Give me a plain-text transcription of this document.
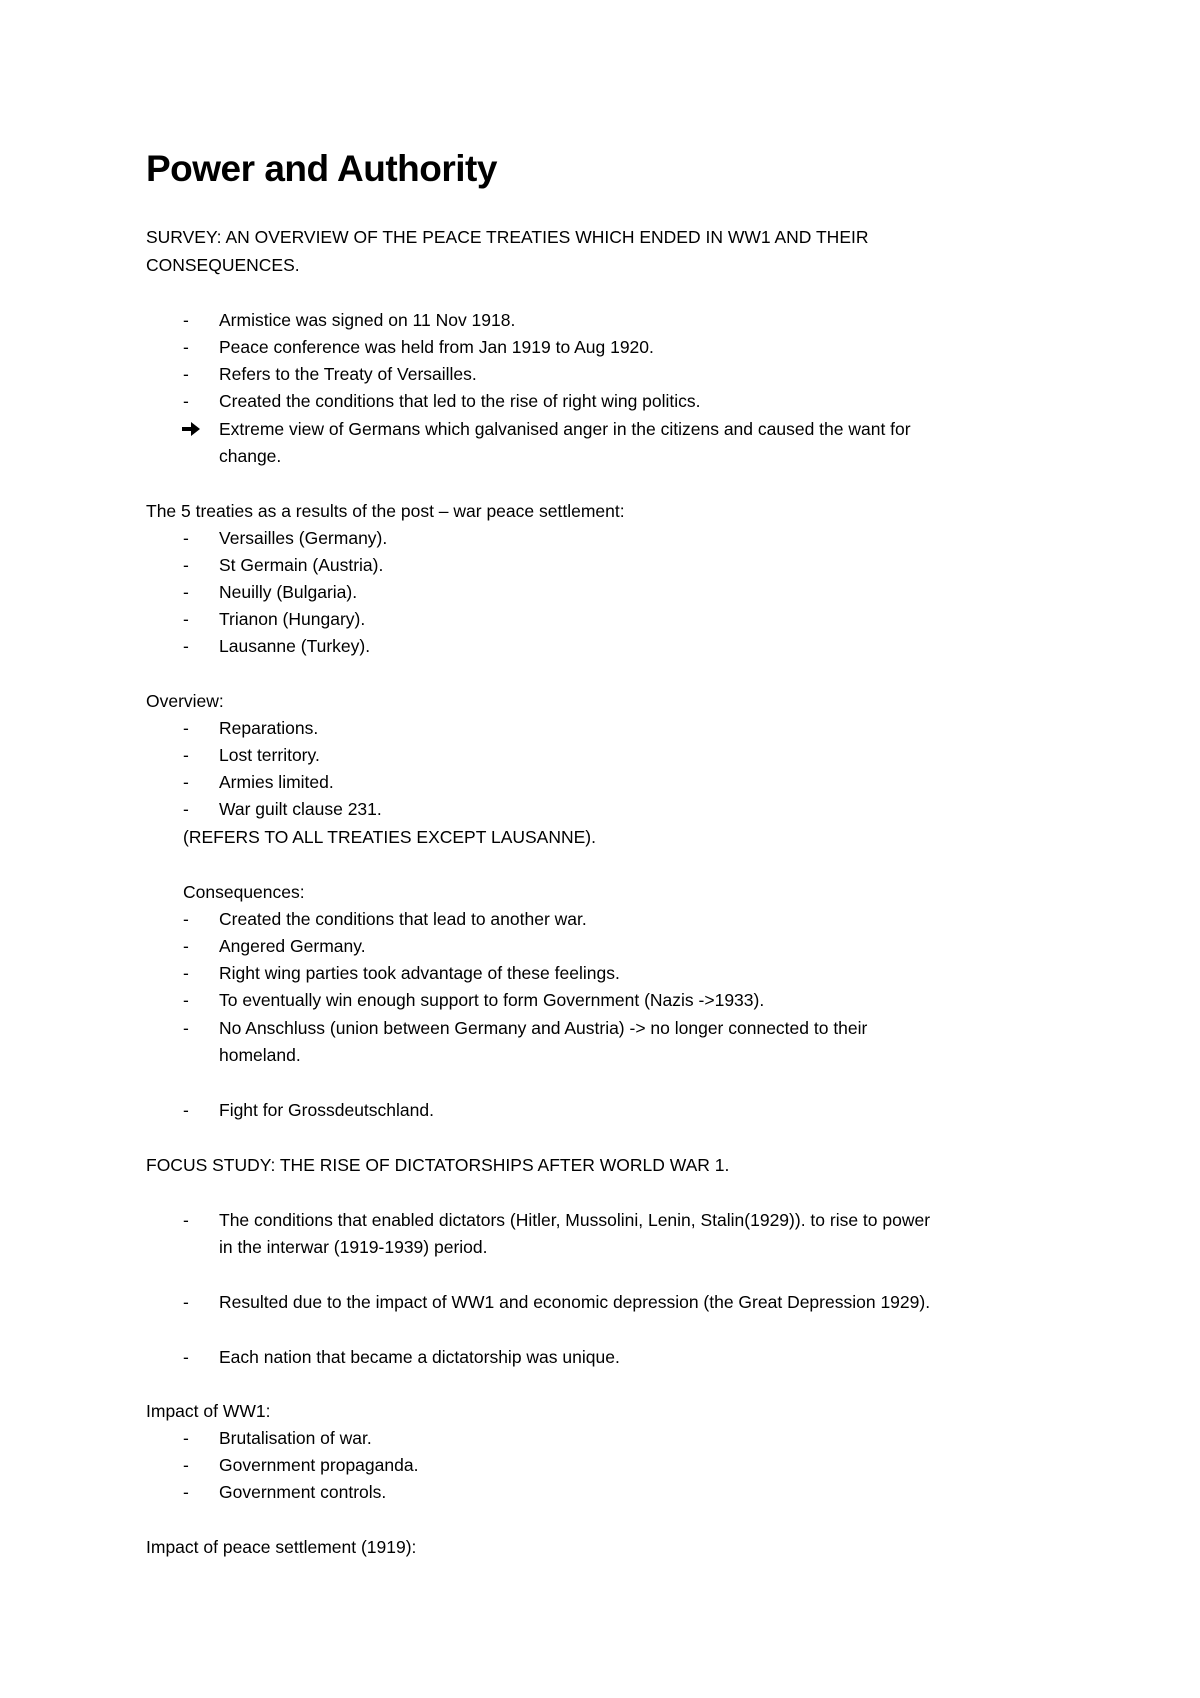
Power and Authority
SURVEY: AN OVERVIEW OF THE PEACE TREATIES WHICH ENDED IN WW1 AND THEIR
CONSEQUENCES.
- Armistice was signed on 11 Nov 1918.
- Peace conference was held from Jan 1919 to Aug 1920.
- Refers to the Treaty of Versailles.
- Created the conditions that led to the rise of right wing politics.
Extreme view of Germans which galvanised anger in the citizens and caused the want for
change.
The 5 treaties as a results of the post – war peace settlement:
- Versailles (Germany).
- St Germain (Austria).
- Neuilly (Bulgaria).
- Trianon (Hungary).
- Lausanne (Turkey).
Overview:
- Reparations.
- Lost territory.
- Armies limited.
- War guilt clause 231.
(REFERS TO ALL TREATIES EXCEPT LAUSANNE).
Consequences:
- Created the conditions that lead to another war.
- Angered Germany.
- Right wing parties took advantage of these feelings.
- To eventually win enough support to form Government (Nazis ->1933).
- No Anschluss (union between Germany and Austria) -> no longer connected to their
homeland.
- Fight for Grossdeutschland.
FOCUS STUDY: THE RISE OF DICTATORSHIPS AFTER WORLD WAR 1.
- The conditions that enabled dictators (Hitler, Mussolini, Lenin, Stalin(1929)). to rise to power
in the interwar (1919-1939) period.
- Resulted due to the impact of WW1 and economic depression (the Great Depression 1929).
- Each nation that became a dictatorship was unique.
Impact of WW1:
- Brutalisation of war.
- Government propaganda.
- Government controls.
Impact of peace settlement (1919):
